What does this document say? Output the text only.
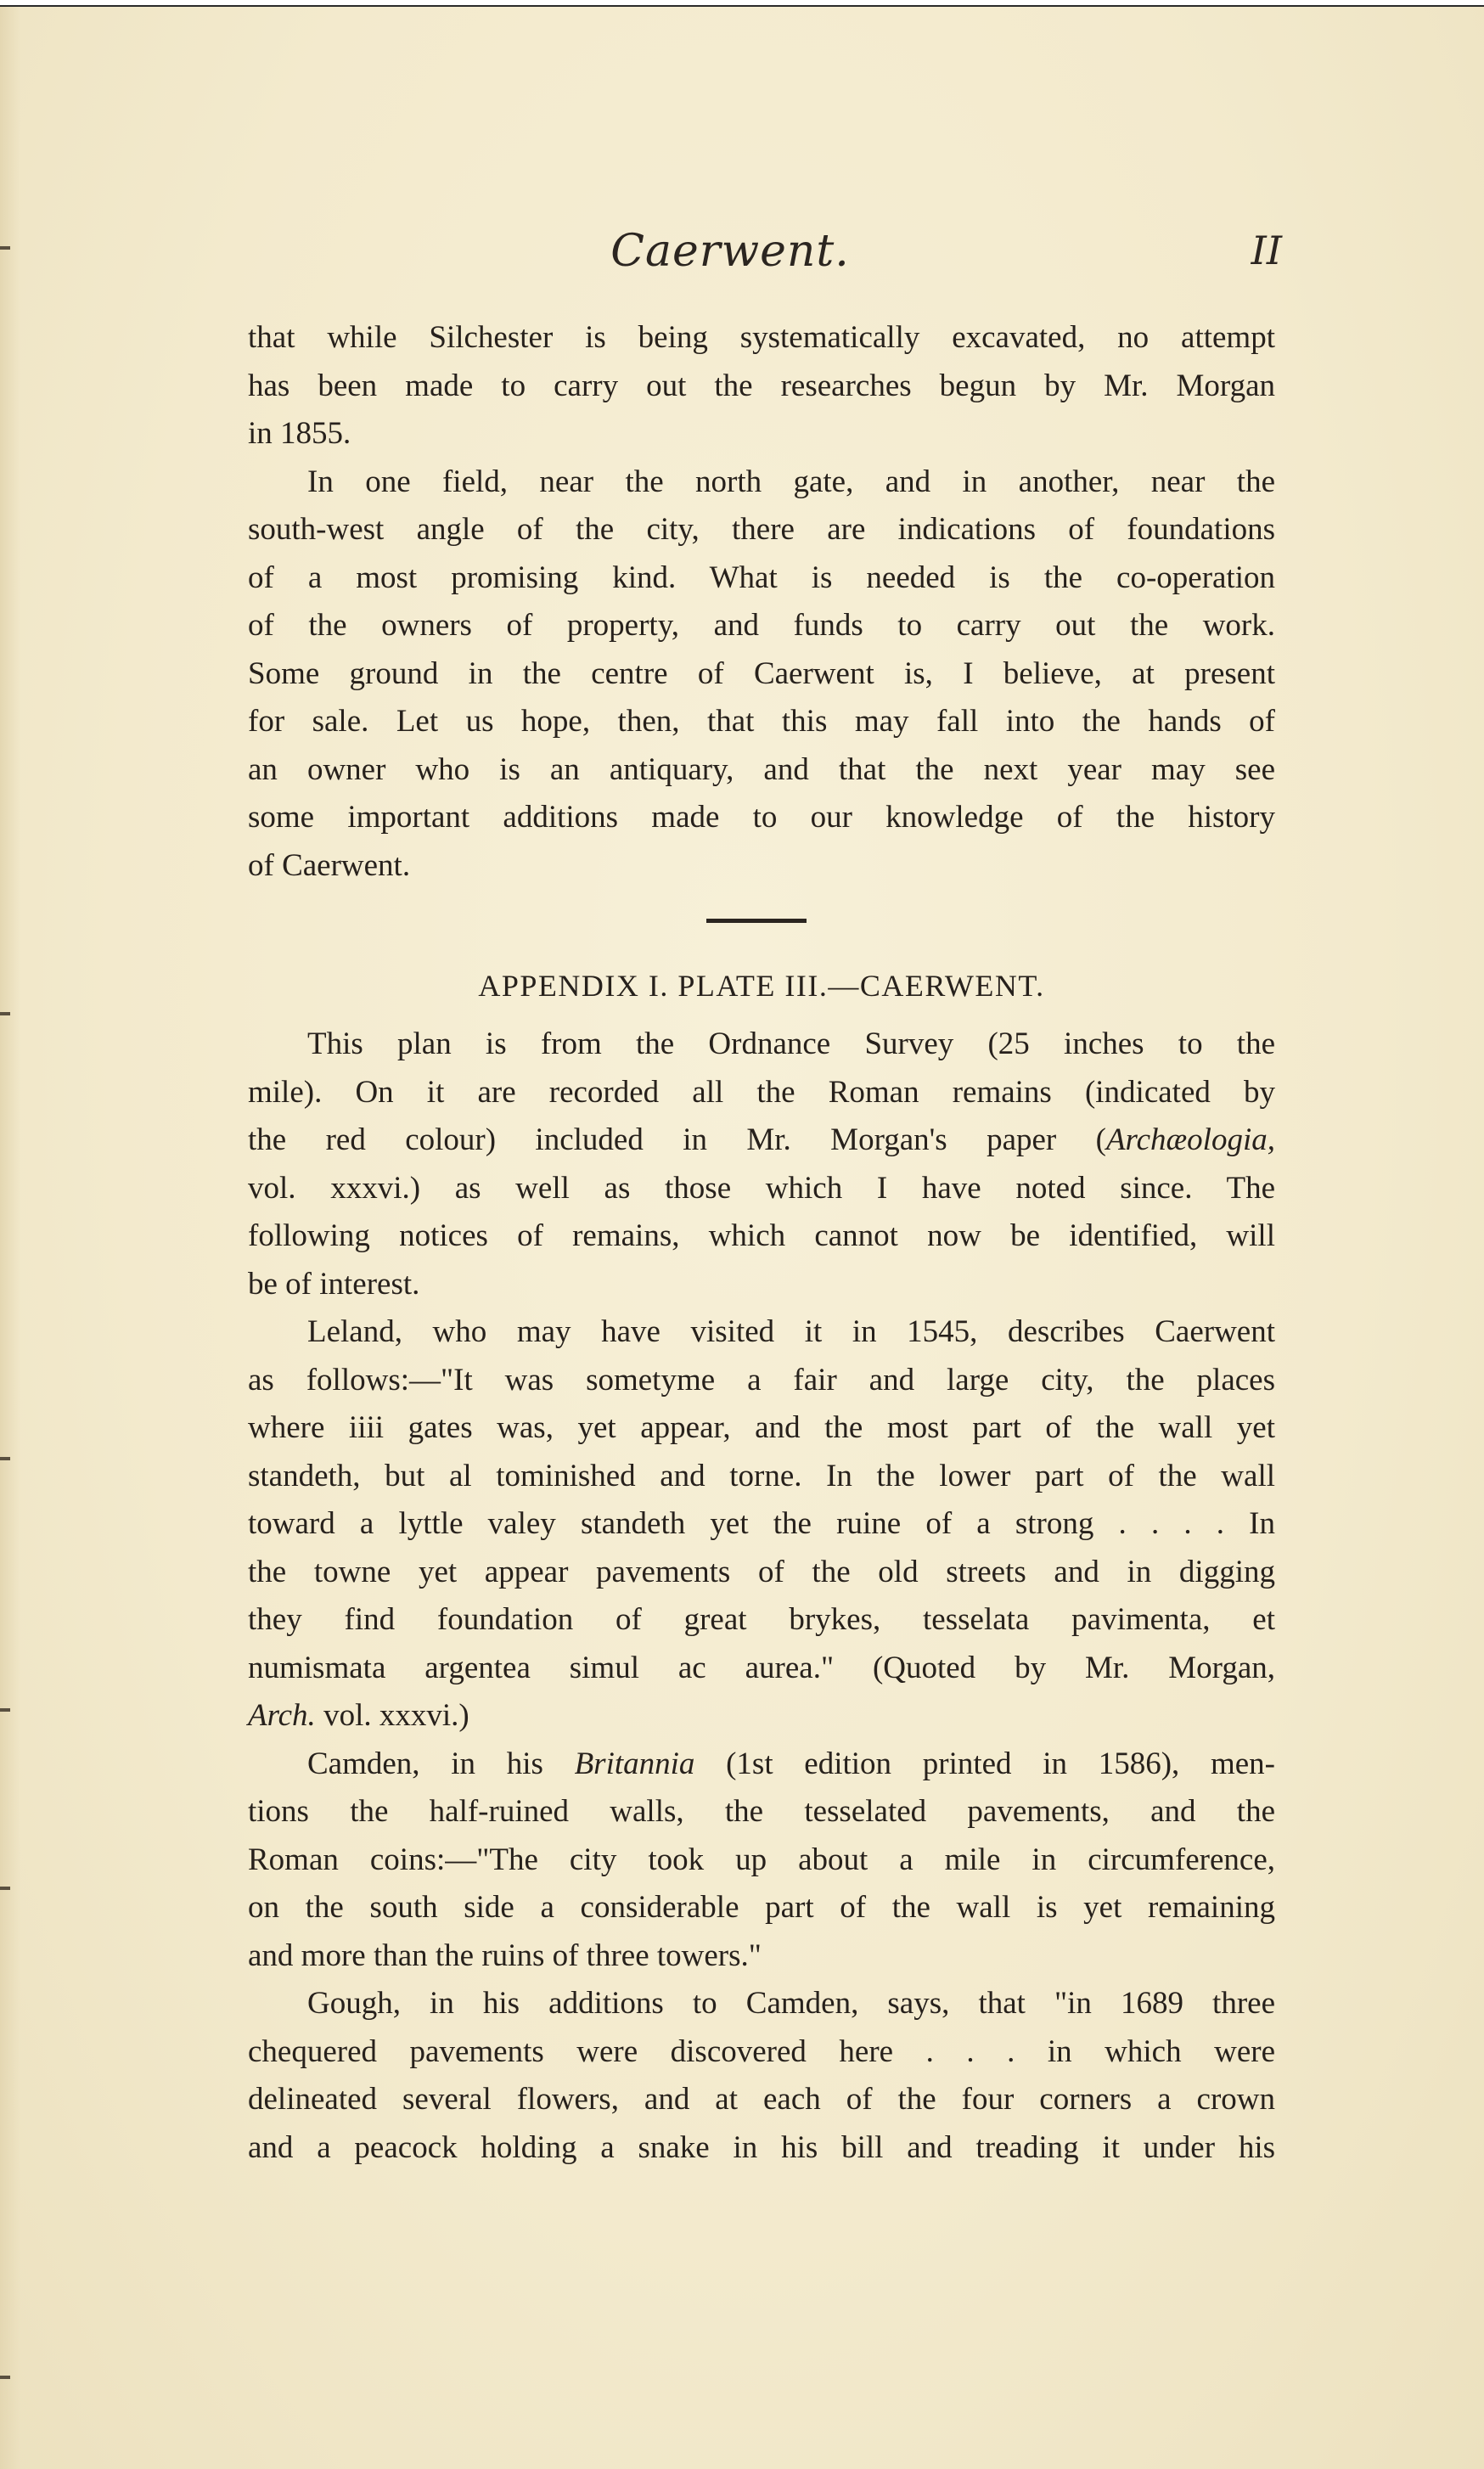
Caerwent.	II

that while Silchester is being systematically excavated, no attempt

has been made to carry out the researches begun by Mr. Morgan

in 1855.

In one field, near the north gate, and in another, near the

south-west angle of the city, there are indications of foundations

of a most promising kind. What is needed is the co-operation

of the owners of property, and funds to carry out the work.

Some ground in the centre of Caerwent is, I believe, at present

for sale. Let us hope, then, that this may fall into the hands of

an owner who is an antiquary, and that the next year may see

some important additions made to our knowledge of the history

of Caerwent.

APPENDIX I. PLATE III.—CAERWENT.

This plan is from the Ordnance Survey (25 inches to the

mile). On it are recorded all the Roman remains (indicated by

the red colour) included in Mr. Morgan's paper (Archæologia,

vol. xxxvi.) as well as those which I have noted since. The

following notices of remains, which cannot now be identified, will

be of interest.

Leland, who may have visited it in 1545, describes Caerwent

as follows:—"It was sometyme a fair and large city, the places

where iiii gates was, yet appear, and the most part of the wall yet

standeth, but al tominished and torne. In the lower part of the wall

toward a lyttle valey standeth yet the ruine of a strong . . . . In

the towne yet appear pavements of the old streets and in digging

they find foundation of great brykes, tesselata pavimenta, et

numismata argentea simul ac aurea." (Quoted by Mr. Morgan,

Arch. vol. xxxvi.)

Camden, in his Britannia (1st edition printed in 1586), men-

tions the half-ruined walls, the tesselated pavements, and the

Roman coins:—"The city took up about a mile in circumference,

on the south side a considerable part of the wall is yet remaining

and more than the ruins of three towers."

Gough, in his additions to Camden, says, that "in 1689 three

chequered pavements were discovered here . . . in which were

delineated several flowers, and at each of the four corners a crown

and a peacock holding a snake in his bill and treading it under his
